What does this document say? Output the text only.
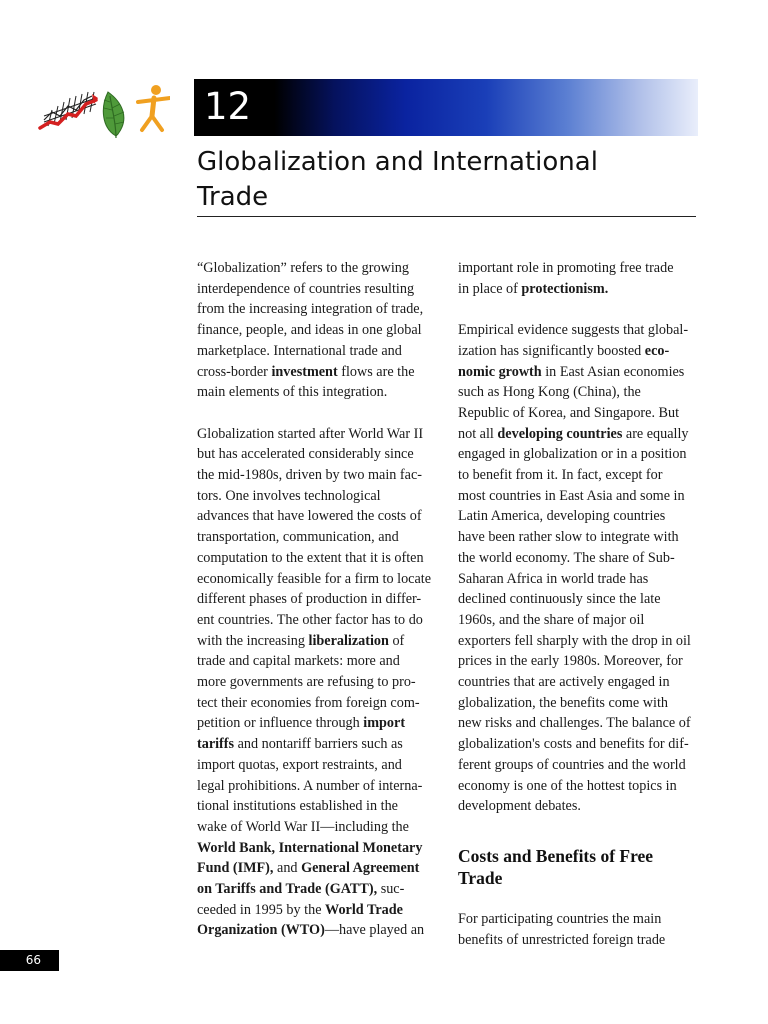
12
Globalization and International
Trade

“Globalization” refers to the growing
interdependence of countries resulting
from the increasing integration of trade,
finance, people, and ideas in one global
marketplace. International trade and
cross-border investment flows are the
main elements of this integration.

Globalization started after World War II
but has accelerated considerably since
the mid-1980s, driven by two main fac-
tors. One involves technological
advances that have lowered the costs of
transportation, communication, and
computation to the extent that it is often
economically feasible for a firm to locate
different phases of production in differ-
ent countries. The other factor has to do
with the increasing liberalization of
trade and capital markets: more and
more governments are refusing to pro-
tect their economies from foreign com-
petition or influence through import
tariffs and nontariff barriers such as
import quotas, export restraints, and
legal prohibitions. A number of interna-
tional institutions established in the
wake of World War II—including the
World Bank, International Monetary
Fund (IMF), and General Agreement
on Tariffs and Trade (GATT), suc-
ceeded in 1995 by the World Trade
Organization (WTO)—have played an

important role in promoting free trade
in place of protectionism.

Empirical evidence suggests that global-
ization has significantly boosted eco-
nomic growth in East Asian economies
such as Hong Kong (China), the
Republic of Korea, and Singapore. But
not all developing countries are equally
engaged in globalization or in a position
to benefit from it. In fact, except for
most countries in East Asia and some in
Latin America, developing countries
have been rather slow to integrate with
the world economy. The share of Sub-
Saharan Africa in world trade has
declined continuously since the late
1960s, and the share of major oil
exporters fell sharply with the drop in oil
prices in the early 1980s. Moreover, for
countries that are actively engaged in
globalization, the benefits come with
new risks and challenges. The balance of
globalization's costs and benefits for dif-
ferent groups of countries and the world
economy is one of the hottest topics in
development debates.

Costs and Benefits of Free Trade

For participating countries the main
benefits of unrestricted foreign trade

66
